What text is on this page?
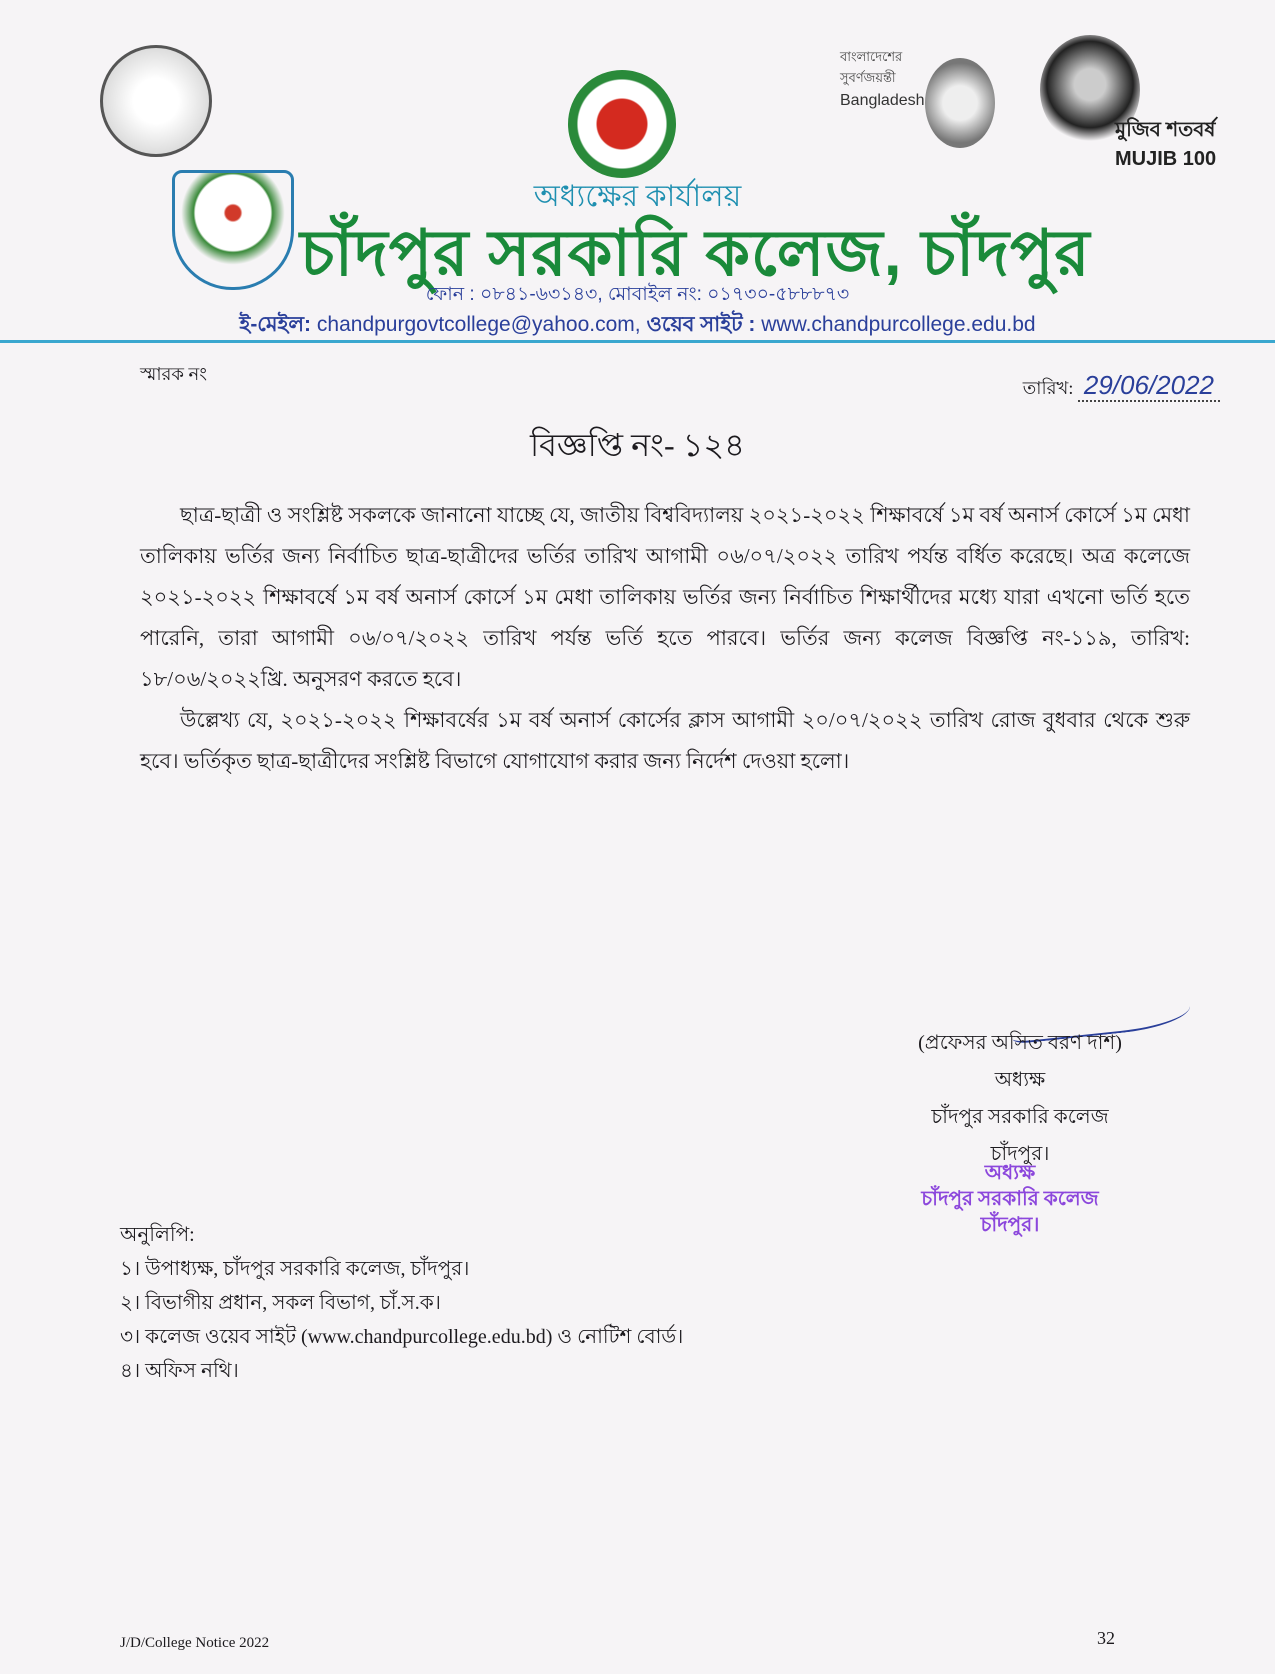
বাংলাদেশের
সুবর্ণজয়ন্তী
Bangladesh
মুজিব শতবর্ষ MUJIB 100
অধ্যক্ষের কার্যালয়
চাঁদপুর সরকারি কলেজ, চাঁদপুর
ফোন : ০৮৪১-৬৩১৪৩, মোবাইল নং: ০১৭৩০-৫৮৮৮৭৩
ই-মেইল: chandpurgovtcollege@yahoo.com, ওয়েব সাইট : www.chandpurcollege.edu.bd
স্মারক নং
তারিখ: 29/06/2022
বিজ্ঞপ্তি নং- ১২৪

ছাত্র-ছাত্রী ও সংশ্লিষ্ট সকলকে জানানো যাচ্ছে যে, জাতীয় বিশ্ববিদ্যালয় ২০২১-২০২২ শিক্ষাবর্ষে ১ম বর্ষ অনার্স কোর্সে ১ম মেধা তালিকায় ভর্তির জন্য নির্বাচিত ছাত্র-ছাত্রীদের ভর্তির তারিখ আগামী ০৬/০৭/২০২২ তারিখ পর্যন্ত বর্ধিত করেছে। অত্র কলেজে ২০২১-২০২২ শিক্ষাবর্ষে ১ম বর্ষ অনার্স কোর্সে ১ম মেধা তালিকায় ভর্তির জন্য নির্বাচিত শিক্ষার্থীদের মধ্যে যারা এখনো ভর্তি হতে পারেনি, তারা আগামী ০৬/০৭/২০২২ তারিখ পর্যন্ত ভর্তি হতে পারবে। ভর্তির জন্য কলেজ বিজ্ঞপ্তি নং-১১৯, তারিখ: ১৮/০৬/২০২২খ্রি. অনুসরণ করতে হবে।

উল্লেখ্য যে, ২০২১-২০২২ শিক্ষাবর্ষের ১ম বর্ষ অনার্স কোর্সের ক্লাস আগামী ২০/০৭/২০২২ তারিখ রোজ বুধবার থেকে শুরু হবে। ভর্তিকৃত ছাত্র-ছাত্রীদের সংশ্লিষ্ট বিভাগে যোগাযোগ করার জন্য নির্দেশ দেওয়া হলো।

(প্রফেসর অসিত বরণ দাশ)
অধ্যক্ষ
চাঁদপুর সরকারি কলেজ
চাঁদপুর।
অধ্যক্ষ
চাঁদপুর সরকারি কলেজ
চাঁদপুর।
অনুলিপি:
১। উপাধ্যক্ষ, চাঁদপুর সরকারি কলেজ, চাঁদপুর।
২। বিভাগীয় প্রধান, সকল বিভাগ, চাঁ.স.ক।
৩। কলেজ ওয়েব সাইট (www.chandpurcollege.edu.bd) ও নোটিশ বোর্ড।
৪। অফিস নথি।
J/D/College Notice 2022	32
